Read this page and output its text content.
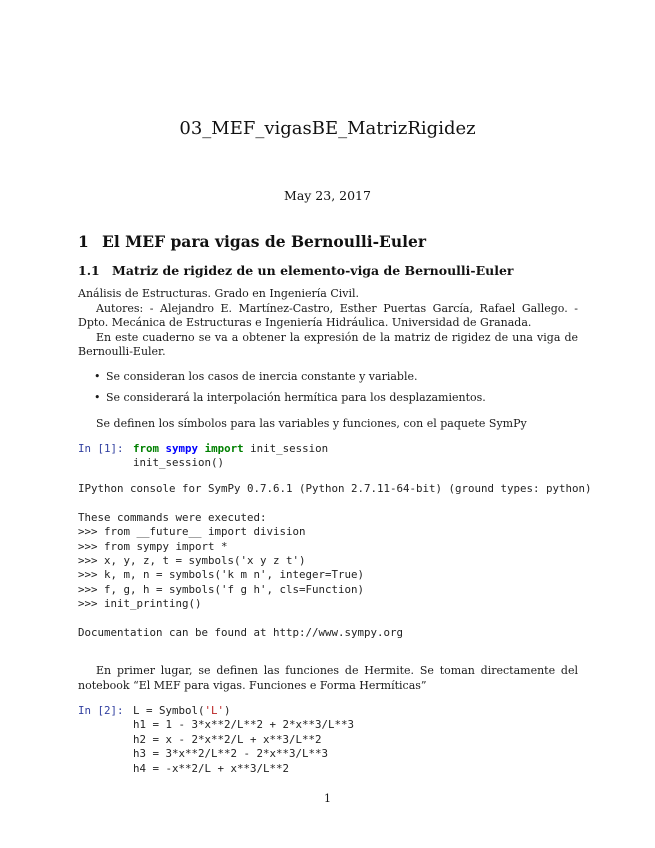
03_MEF_vigasBE_MatrizRigidez
May 23, 2017
1 El MEF para vigas de Bernoulli-Euler
1.1 Matriz de rigidez de un elemento-viga de Bernoulli-Euler
Análisis de Estructuras. Grado en Ingeniería Civil.
Autores: - Alejandro E. Martínez-Castro, Esther Puertas García, Rafael Gallego. - Dpto. Mecánica de Estructuras e Ingeniería Hidráulica. Universidad de Granada.
En este cuaderno se va a obtener la expresión de la matriz de rigidez de una viga de Bernoulli-Euler.
• Se consideran los casos de inercia constante y variable.
• Se considerará la interpolación hermítica para los desplazamientos.
Se definen los símbolos para las variables y funciones, con el paquete SymPy

In [1]:

from sympy import init_session

init_session()

IPython console for SymPy 0.7.6.1 (Python 2.7.11-64-bit) (ground types: python)

These commands were executed:
>>> from __future__ import division
>>> from sympy import *
>>> x, y, z, t = symbols('x y z t')
>>> k, m, n = symbols('k m n', integer=True)
>>> f, g, h = symbols('f g h', cls=Function)
>>> init_printing()

Documentation can be found at http://www.sympy.org
En primer lugar, se definen las funciones de Hermite. Se toman directamente del notebook “El MEF para vigas. Funciones e Forma Hermíticas”

In [2]:

L = Symbol('L')

h1 = 1 - 3*x**2/L**2 + 2*x**3/L**3

h2 = x - 2*x**2/L + x**3/L**2

h3 = 3*x**2/L**2 - 2*x**3/L**3

h4 = -x**2/L + x**3/L**2

1
